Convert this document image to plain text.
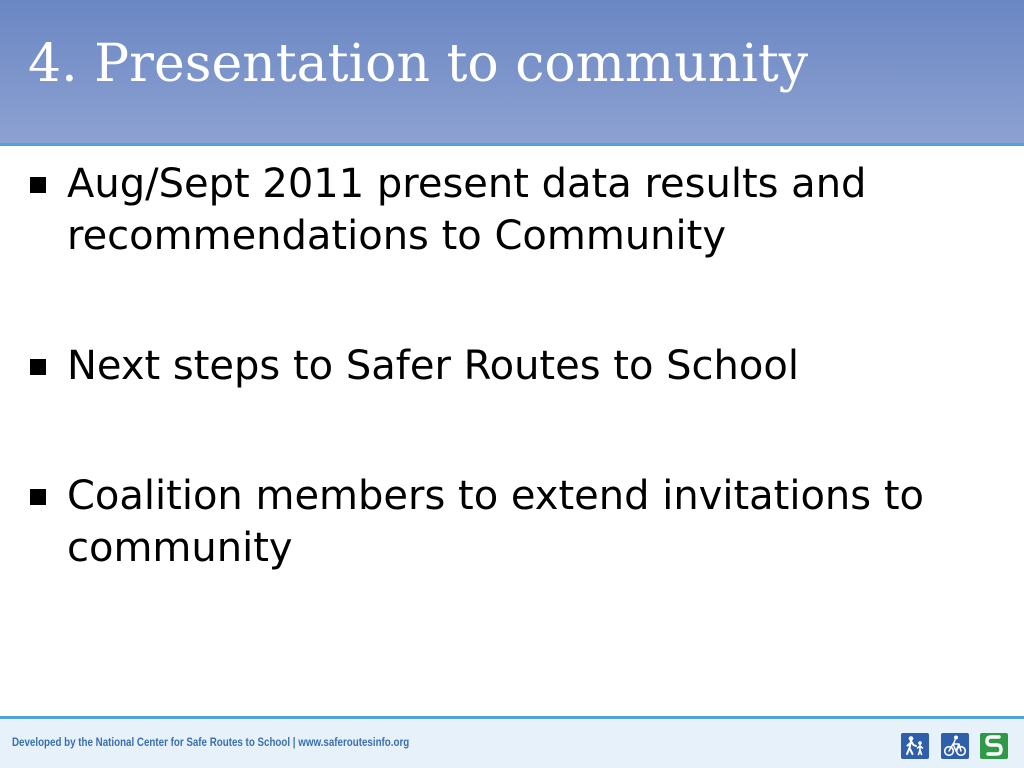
4. Presentation to community
Aug/Sept 2011 present data results and recommendations to Community
Next steps to Safer Routes to School
Coalition members to extend invitations to community
Developed by the National Center for Safe Routes to School | www.saferoutesinfo.org
